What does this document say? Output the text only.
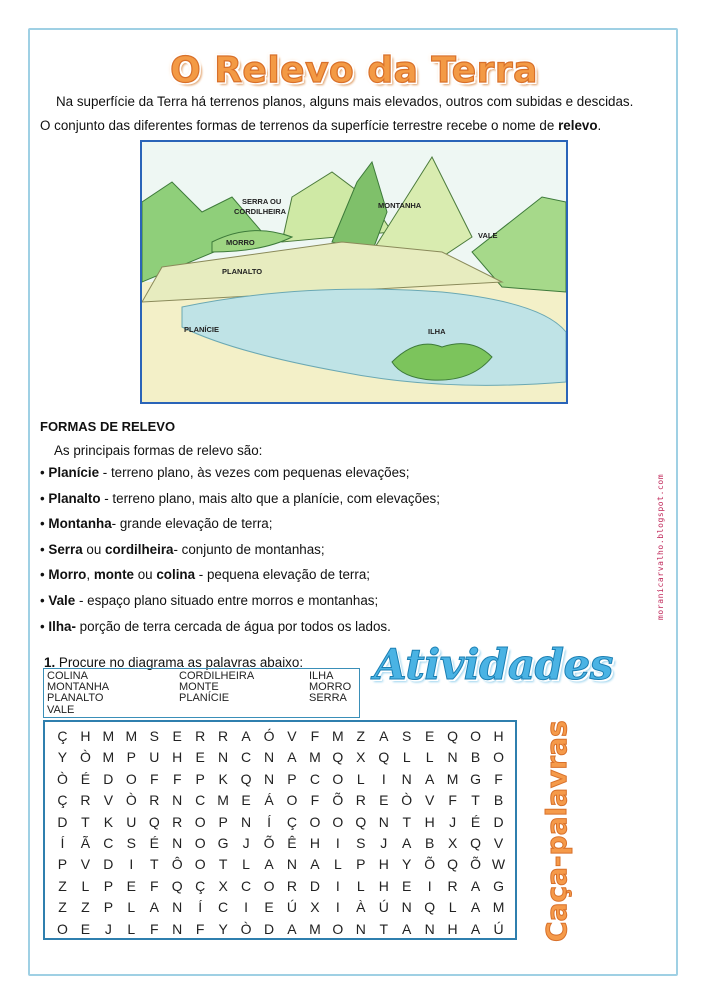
O Relevo da Terra

Na superfície da Terra há terrenos planos, alguns mais elevados, outros com subidas e descidas.

O conjunto das diferentes formas de terrenos da superfície terrestre recebe o nome de relevo.

SERRA OU
CORDILHEIRA
MONTANHA
VALE
MORRO
PLANALTO
PLANÍCIE	ILHA
FORMAS DE RELEVO
As principais formas de relevo são:
• Planície - terreno plano, às vezes com pequenas elevações;
• Planalto - terreno plano, mais alto que a planície, com elevações;
• Montanha- grande elevação de terra;
• Serra ou cordilheira- conjunto de montanhas;
• Morro, monte ou colina - pequena elevação de terra;
• Vale - espaço plano situado entre morros e montanhas;
• Ilha- porção de terra cercada de água por todos os lados.
moranicarvalho.blogspot.com
1. Procure no diagrama as palavras abaixo:
COLINA	CORDILHEIRA	ILHA
MONTANHA	MONTE	MORRO
PLANALTO	PLANÍCIE	SERRA
VALE
Atividades
Ç H M M S E R R A Ó V F M Z	A S E Q O H
Y Ò M P U H E N C N A M Q X Q L	L N B O
Ò É D O F	F P K Q N P C O L	I	N A M G F
Ç R V Ò R N C M E Á O F Õ R E Ò V	F	T	B
D T	K U Q R O P N	Í	Ç O O Q N T H	J	É D
Í	Ã C S É N O G	J	Õ Ê H	I	S	J	A B X Q V
P V D	I	T Ô O T	L	A N A	L	P H Y Õ Q Õ W
Z	L	P E	F Q Ç X C O R D	I	L H E	I	R A G
Z	Z	P	L	A N	Í	C	I	E Ú X	I	À Ú N Q L	A M
O E	J	L	F N F	Y Ò D A M O N T	A N H A Ú Caça-palavras
